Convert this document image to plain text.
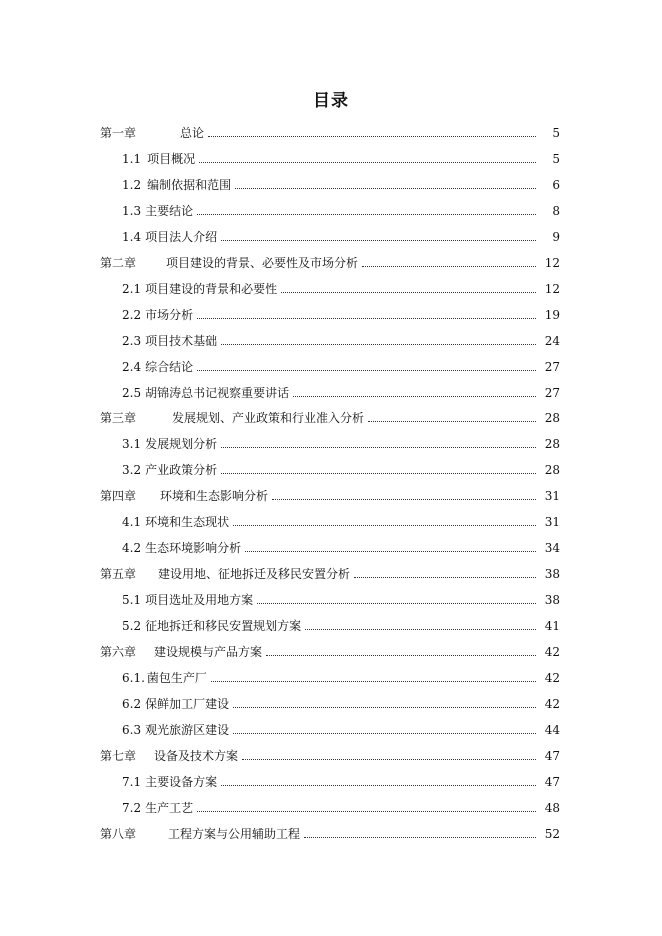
目录
第一章	总论	5
1.1 项目概况	5
1.2 编制依据和范围	6
1.3 主要结论	8
1.4 项目法人介绍	9
第二章 项目建设的背景、必要性及市场分析	12
2.1 项目建设的背景和必要性	12
2.2 市场分析	19
2.3 项目技术基础	24
2.4 综合结论	27
2.5 胡锦涛总书记视察重要讲话	27
第三章	发展规划、产业政策和行业准入分析	28
3.1 发展规划分析	28
3.2 产业政策分析	28
第四章 环境和生态影响分析	31
4.1 环境和生态现状	31
4.2 生态环境影响分析	34
第五章 建设用地、征地拆迁及移民安置分析	38
5.1 项目选址及用地方案	38
5.2 征地拆迁和移民安置规划方案	41
第六章 建设规模与产品方案	42
6.1. 菌包生产厂	42
6.2 保鲜加工厂建设	42
6.3 观光旅游区建设	44
第七章 设备及技术方案	47
7.1 主要设备方案	47
7.2 生产工艺	48
第八章	工程方案与公用辅助工程	52
